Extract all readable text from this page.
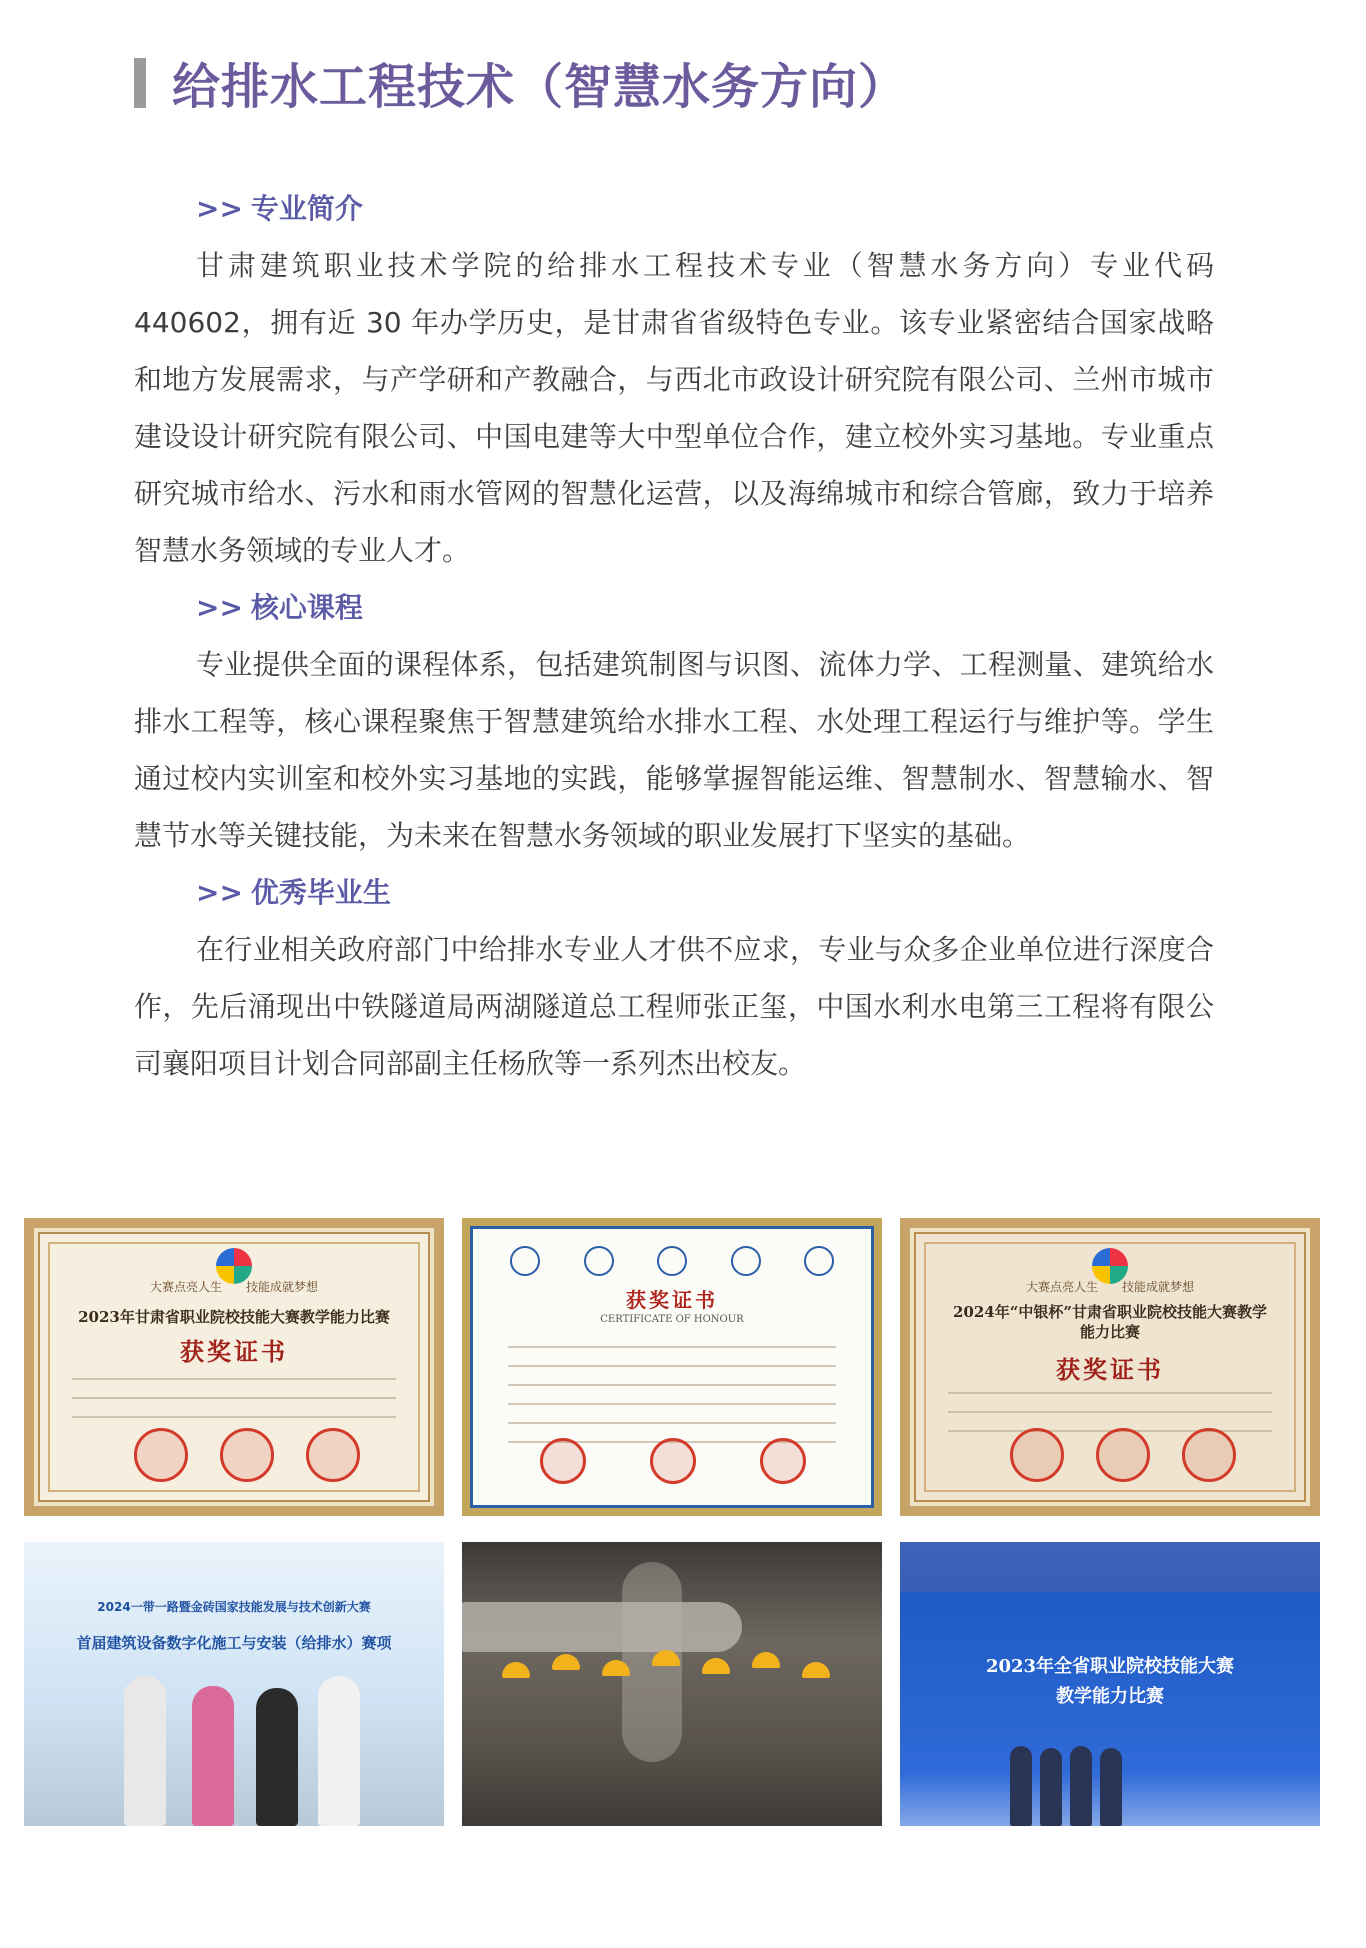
给排水工程技术（智慧水务方向）
>> 专业简介

甘肃建筑职业技术学院的给排水工程技术专业（智慧水务方向）专业代码440602，拥有近 30 年办学历史，是甘肃省省级特色专业。该专业紧密结合国家战略和地方发展需求，与产学研和产教融合，与西北市政设计研究院有限公司、兰州市城市建设设计研究院有限公司、中国电建等大中型单位合作，建立校外实习基地。专业重点研究城市给水、污水和雨水管网的智慧化运营，以及海绵城市和综合管廊，致力于培养智慧水务领域的专业人才。

>> 核心课程

专业提供全面的课程体系，包括建筑制图与识图、流体力学、工程测量、建筑给水排水工程等，核心课程聚焦于智慧建筑给水排水工程、水处理工程运行与维护等。学生通过校内实训室和校外实习基地的实践，能够掌握智能运维、智慧制水、智慧输水、智慧节水等关键技能，为未来在智慧水务领域的职业发展打下坚实的基础。

>> 优秀毕业生

在行业相关政府部门中给排水专业人才供不应求，专业与众多企业单位进行深度合作，先后涌现出中铁隧道局两湖隧道总工程师张正玺，中国水利水电第三工程将有限公司襄阳项目计划合同部副主任杨欣等一系列杰出校友。

大赛点亮人生　　技能成就梦想
2023年甘肃省职业院校技能大赛教学能力比赛
获奖证书
获奖证书
CERTIFICATE OF HONOUR
大赛点亮人生　　技能成就梦想
2024年“中银杯”甘肃省职业院校技能大赛教学能力比赛
获奖证书
2024一带一路暨金砖国家技能发展与技术创新大赛
首届建筑设备数字化施工与安装（给排水）赛项
2023年全省职业院校技能大赛
教学能力比赛
